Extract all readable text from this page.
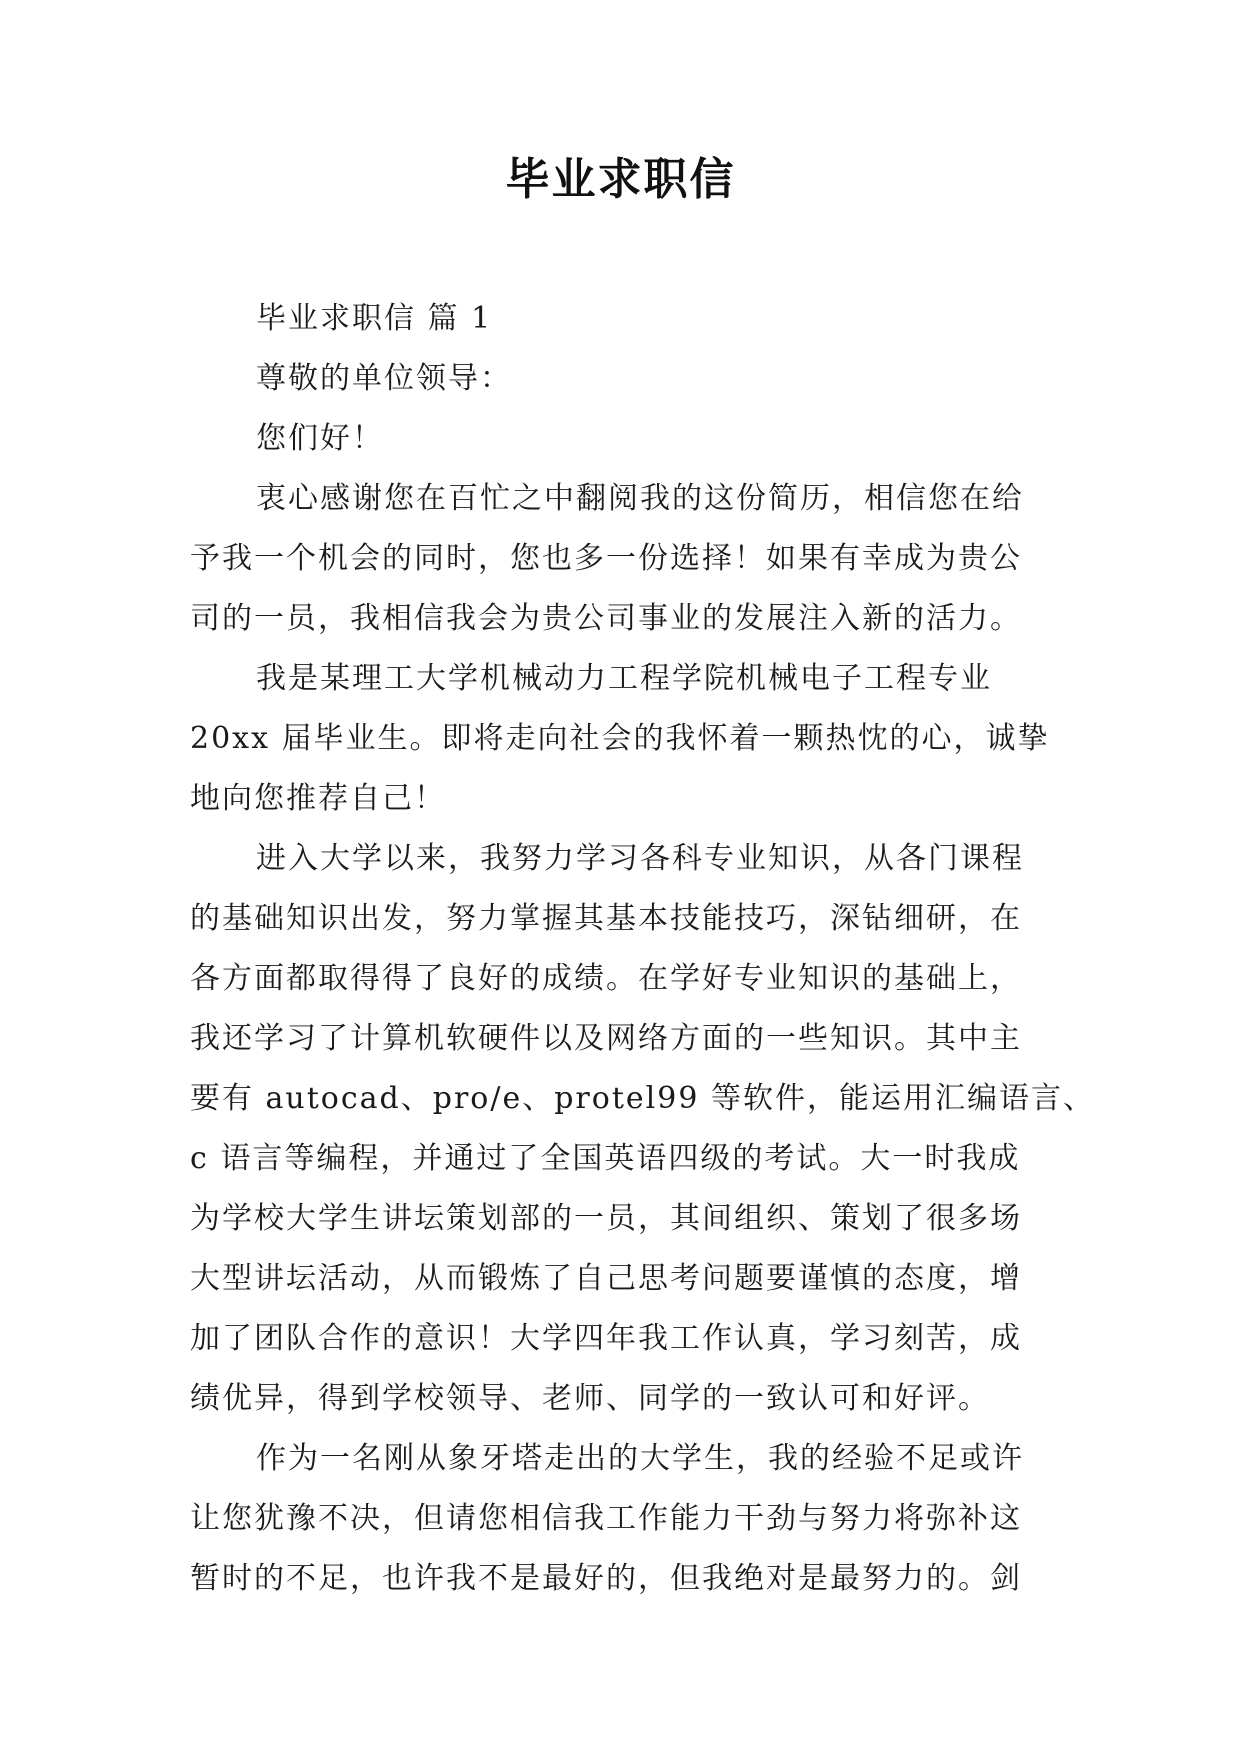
毕业求职信
毕业求职信 篇 1
尊敬的单位领导：
您们好！
衷心感谢您在百忙之中翻阅我的这份简历，相信您在给
予我一个机会的同时，您也多一份选择！如果有幸成为贵公
司的一员，我相信我会为贵公司事业的发展注入新的活力。
我是某理工大学机械动力工程学院机械电子工程专业
20xx 届毕业生。即将走向社会的我怀着一颗热忱的心，诚挚
地向您推荐自己！
进入大学以来，我努力学习各科专业知识，从各门课程
的基础知识出发，努力掌握其基本技能技巧，深钻细研，在
各方面都取得得了良好的成绩。在学好专业知识的基础上，
我还学习了计算机软硬件以及网络方面的一些知识。其中主
要有 autocad、pro/e、protel99 等软件，能运用汇编语言、
c 语言等编程，并通过了全国英语四级的考试。大一时我成
为学校大学生讲坛策划部的一员，其间组织、策划了很多场
大型讲坛活动，从而锻炼了自己思考问题要谨慎的态度，增
加了团队合作的意识！大学四年我工作认真，学习刻苦，成
绩优异，得到学校领导、老师、同学的一致认可和好评。
作为一名刚从象牙塔走出的大学生，我的经验不足或许
让您犹豫不决，但请您相信我工作能力干劲与努力将弥补这
暂时的不足，也许我不是最好的，但我绝对是最努力的。剑
